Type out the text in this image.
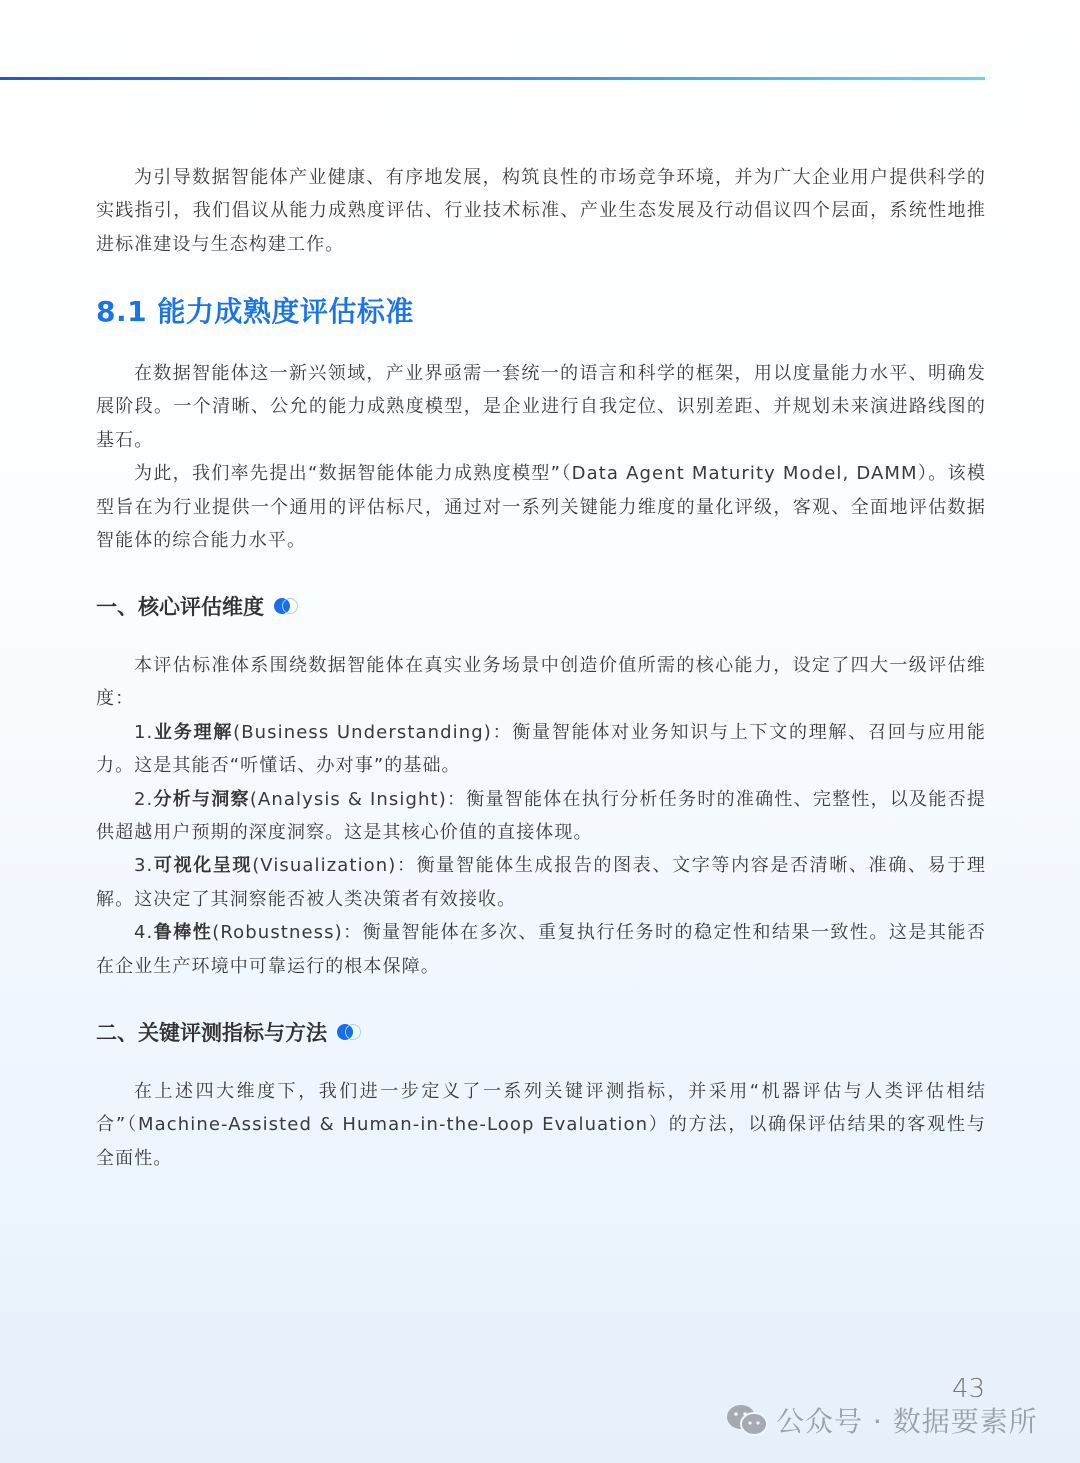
为引导数据智能体产业健康、有序地发展，构筑良性的市场竞争环境，并为广大企业用户提供科学的实践指引，我们倡议从能力成熟度评估、行业技术标准、产业生态发展及行动倡议四个层面，系统性地推进标准建设与生态构建工作。

8.1 能力成熟度评估标准

在数据智能体这一新兴领域，产业界亟需一套统一的语言和科学的框架，用以度量能力水平、明确发展阶段。一个清晰、公允的能力成熟度模型，是企业进行自我定位、识别差距、并规划未来演进路线图的基石。

为此，我们率先提出“数据智能体能力成熟度模型”（Data Agent Maturity Model, DAMM）。该模型旨在为行业提供一个通用的评估标尺，通过对一系列关键能力维度的量化评级，客观、全面地评估数据智能体的综合能力水平。

一、核心评估维度

本评估标准体系围绕数据智能体在真实业务场景中创造价值所需的核心能力，设定了四大一级评估维度：

1.业务理解(Business Understanding)：衡量智能体对业务知识与上下文的理解、召回与应用能力。这是其能否“听懂话、办对事”的基础。

2.分析与洞察(Analysis & Insight)：衡量智能体在执行分析任务时的准确性、完整性，以及能否提供超越用户预期的深度洞察。这是其核心价值的直接体现。

3.可视化呈现(Visualization)：衡量智能体生成报告的图表、文字等内容是否清晰、准确、易于理解。这决定了其洞察能否被人类决策者有效接收。

4.鲁棒性(Robustness)：衡量智能体在多次、重复执行任务时的稳定性和结果一致性。这是其能否在企业生产环境中可靠运行的根本保障。

二、关键评测指标与方法

在上述四大维度下，我们进一步定义了一系列关键评测指标，并采用“机器评估与人类评估相结合”（Machine-Assisted & Human-in-the-Loop Evaluation）的方法，以确保评估结果的客观性与全面性。

43
公众号 · 数据要素所
